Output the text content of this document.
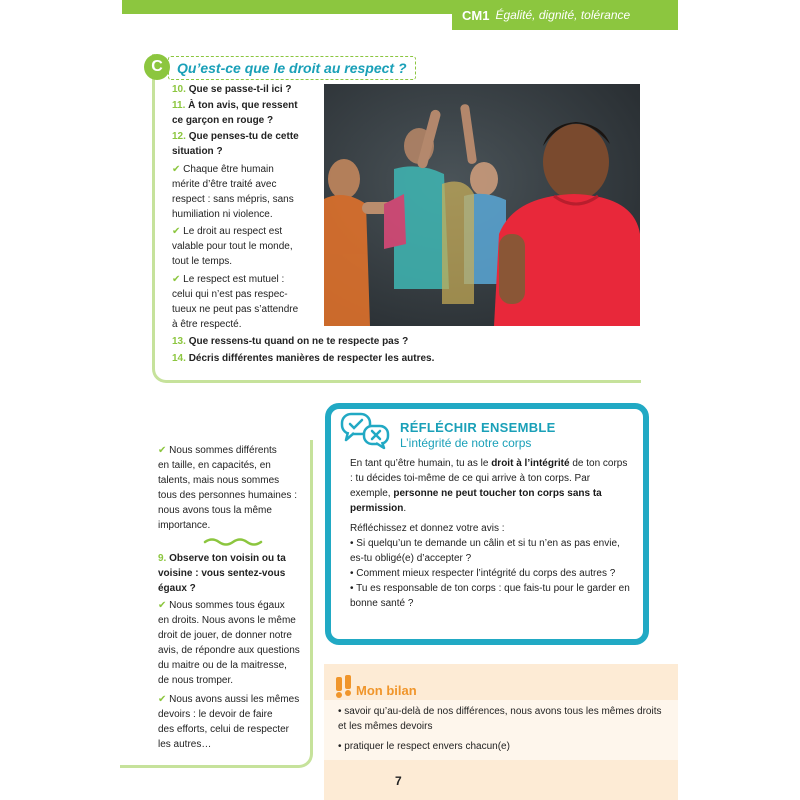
CM1 Égalité, dignité, tolérance
Qu’est-ce que le droit au respect ?
C
10. Que se passe-t-il ici ?
11. À ton avis, que ressent
ce garçon en rouge ?
12. Que penses-tu de cette
situation ?
✔ Chaque être humain
mérite d’être traité avec
respect : sans mépris, sans
humiliation ni violence.
✔ Le droit au respect est
valable pour tout le monde,
tout le temps.
✔ Le respect est mutuel :
celui qui n’est pas respec-
tueux ne peut pas s’attendre
à être respecté.
13. Que ressens-tu quand on ne te respecte pas ?
14. Décris différentes manières de respecter les autres.
✔ Nous sommes différents
en taille, en capacités, en
talents, mais nous sommes
tous des personnes humaines :
nous avons tous la même
importance.
9. Observe ton voisin ou ta
voisine : vous sentez-vous
égaux ?
✔ Nous sommes tous égaux
en droits. Nous avons le même
droit de jouer, de donner notre
avis, de répondre aux questions
du maitre ou de la maitresse,
de nous tromper.
✔ Nous avons aussi les mêmes
devoirs : le devoir de faire
des efforts, celui de respecter
les autres…
RÉFLÉCHIR ENSEMBLE
L’intégrité de notre corps

En tant qu’être humain, tu as le droit à l’intégrité de ton corps : tu décides toi-même de ce qui arrive à ton corps. Par exemple, personne ne peut toucher ton corps sans ta permission.

Réfléchissez et donnez votre avis :

• Si quelqu’un te demande un câlin et si tu n’en as pas envie, es-tu obligé(e) d’accepter ?

• Comment mieux respecter l’intégrité du corps des autres ?

• Tu es responsable de ton corps : que fais-tu pour le garder en bonne santé ?

Mon bilan
• savoir qu’au-delà de nos différences, nous avons tous les mêmes droits et les mêmes devoirs
• pratiquer le respect envers chacun(e)
7
